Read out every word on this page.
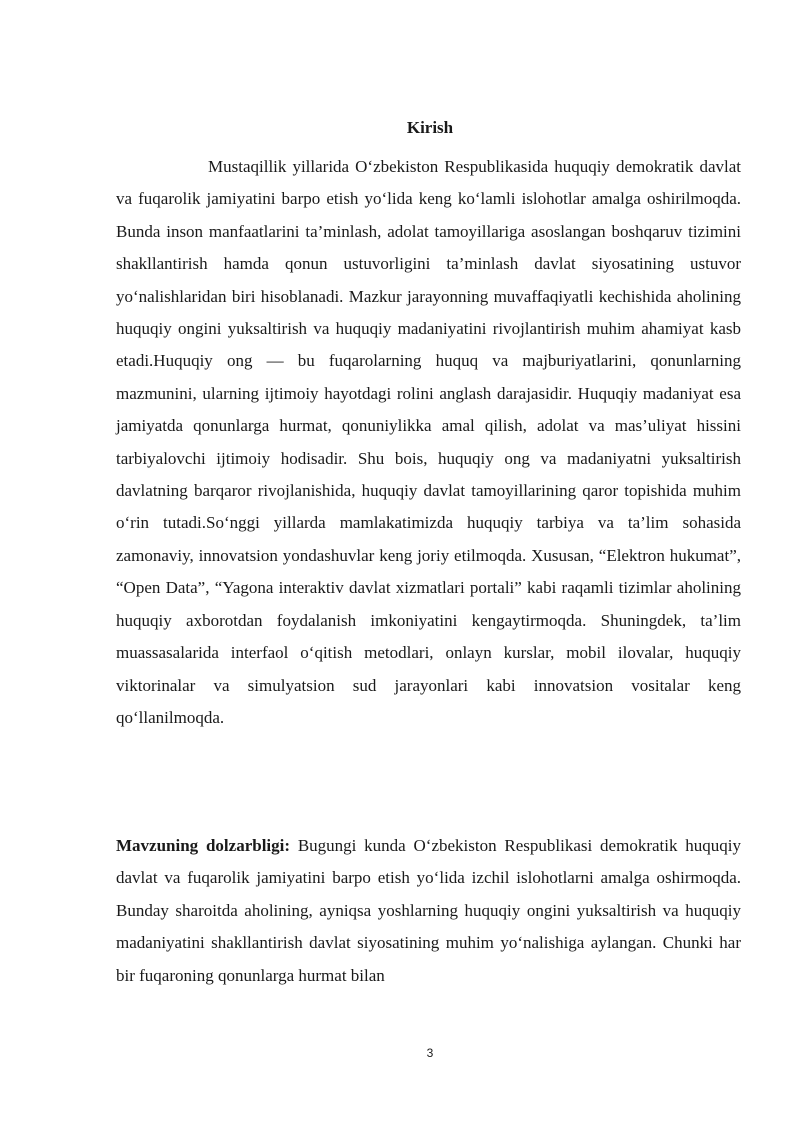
Kirish

Mustaqillik yillarida O‘zbekiston Respublikasida huquqiy demokratik davlat va fuqarolik jamiyatini barpo etish yo‘lida keng ko‘lamli islohotlar amalga oshirilmoqda. Bunda inson manfaatlarini ta’minlash, adolat tamoyillariga asoslangan boshqaruv tizimini shakllantirish hamda qonun ustuvorligini ta’minlash davlat siyosatining ustuvor yo‘nalishlaridan biri hisoblanadi. Mazkur jarayonning muvaffaqiyatli kechishida aholining huquqiy ongini yuksaltirish va huquqiy madaniyatini rivojlantirish muhim ahamiyat kasb etadi.Huquqiy ong — bu fuqarolarning huquq va majburiyatlarini, qonunlarning mazmunini, ularning ijtimoiy hayotdagi rolini anglash darajasidir. Huquqiy madaniyat esa jamiyatda qonunlarga hurmat, qonuniylikka amal qilish, adolat va mas’uliyat hissini tarbiyalovchi ijtimoiy hodisadir. Shu bois, huquqiy ong va madaniyatni yuksaltirish davlatning barqaror rivojlanishida, huquqiy davlat tamoyillarining qaror topishida muhim o‘rin tutadi.So‘nggi yillarda mamlakatimizda huquqiy tarbiya va ta’lim sohasida zamonaviy, innovatsion yondashuvlar keng joriy etilmoqda. Xususan, “Elektron hukumat”, “Open Data”, “Yagona interaktiv davlat xizmatlari portali” kabi raqamli tizimlar aholining huquqiy axborotdan foydalanish imkoniyatini kengaytirmoqda. Shuningdek, ta’lim muassasalarida interfaol o‘qitish metodlari, onlayn kurslar, mobil ilovalar, huquqiy viktorinalar va simulyatsion sud jarayonlari kabi innovatsion vositalar keng qo‘llanilmoqda.

Mavzuning dolzarbligi: Bugungi kunda O‘zbekiston Respublikasi demokratik huquqiy davlat va fuqarolik jamiyatini barpo etish yo‘lida izchil islohotlarni amalga oshirmoqda. Bunday sharoitda aholining, ayniqsa yoshlarning huquqiy ongini yuksaltirish va huquqiy madaniyatini shakllantirish davlat siyosatining muhim yo‘nalishiga aylangan. Chunki har bir fuqaroning qonunlarga hurmat bilan

3
